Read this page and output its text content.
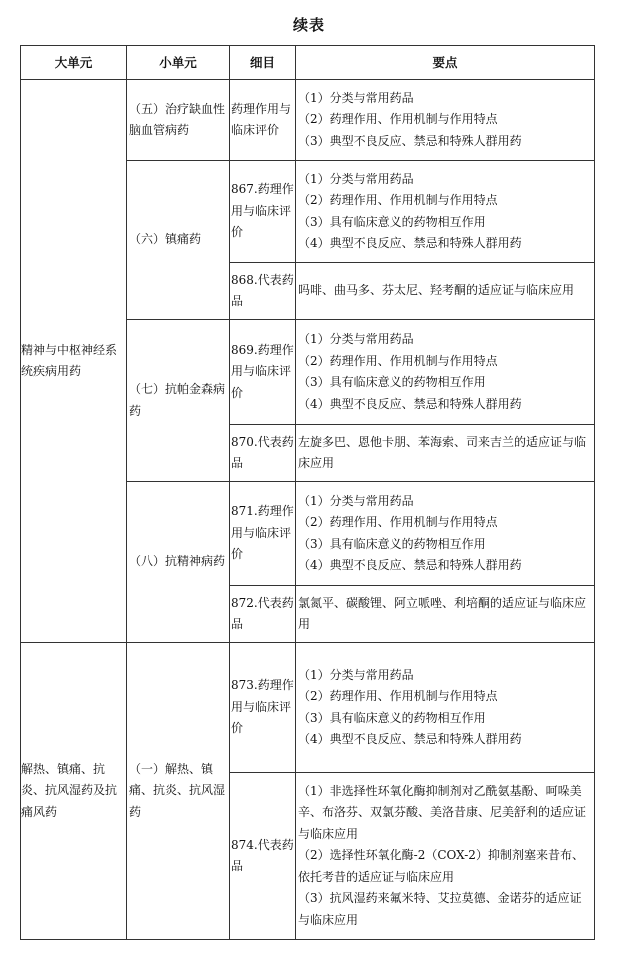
续表
大单元	小单元	细目	要点
精神与中枢神经系统疾病用药	（五）治疗缺血性脑血管病药	药理作用与临床评价	（1）分类与常用药品
（2）药理作用、作用机制与作用特点
（3）典型不良反应、禁忌和特殊人群用药

	（六）镇痛药	867.药理作用与临床评价	（1）分类与常用药品
（2）药理作用、作用机制与作用特点
（3）具有临床意义的药物相互作用
（4）典型不良反应、禁忌和特殊人群用药

		868.代表药品	吗啡、曲马多、芬太尼、羟考酮的适应证与临床应用

	（七）抗帕金森病药	869.药理作用与临床评价	（1）分类与常用药品
（2）药理作用、作用机制与作用特点
（3）具有临床意义的药物相互作用
（4）典型不良反应、禁忌和特殊人群用药

		870.代表药品	左旋多巴、恩他卡朋、苯海索、司来吉兰的适应证与临床应用

	（八）抗精神病药	871.药理作用与临床评价	（1）分类与常用药品
（2）药理作用、作用机制与作用特点
（3）具有临床意义的药物相互作用
（4）典型不良反应、禁忌和特殊人群用药

		872.代表药品	氯氮平、碳酸锂、阿立哌唑、利培酮的适应证与临床应用

解热、镇痛、抗炎、抗风湿药及抗痛风药	（一）解热、镇痛、抗炎、抗风湿药	873.药理作用与临床评价	（1）分类与常用药品
（2）药理作用、作用机制与作用特点
（3）具有临床意义的药物相互作用
（4）典型不良反应、禁忌和特殊人群用药

		874.代表药品	（1）非选择性环氧化酶抑制剂对乙酰氨基酚、呵哚美辛、布洛芬、双氯芬酸、美洛昔康、尼美舒利的适应证与临床应用
（2）选择性环氧化酶-2（COX-2）抑制剂塞来昔布、依托考昔的适应证与临床应用
（3）抗风湿药来氟米特、艾拉莫德、金诺芬的适应证与临床应用
